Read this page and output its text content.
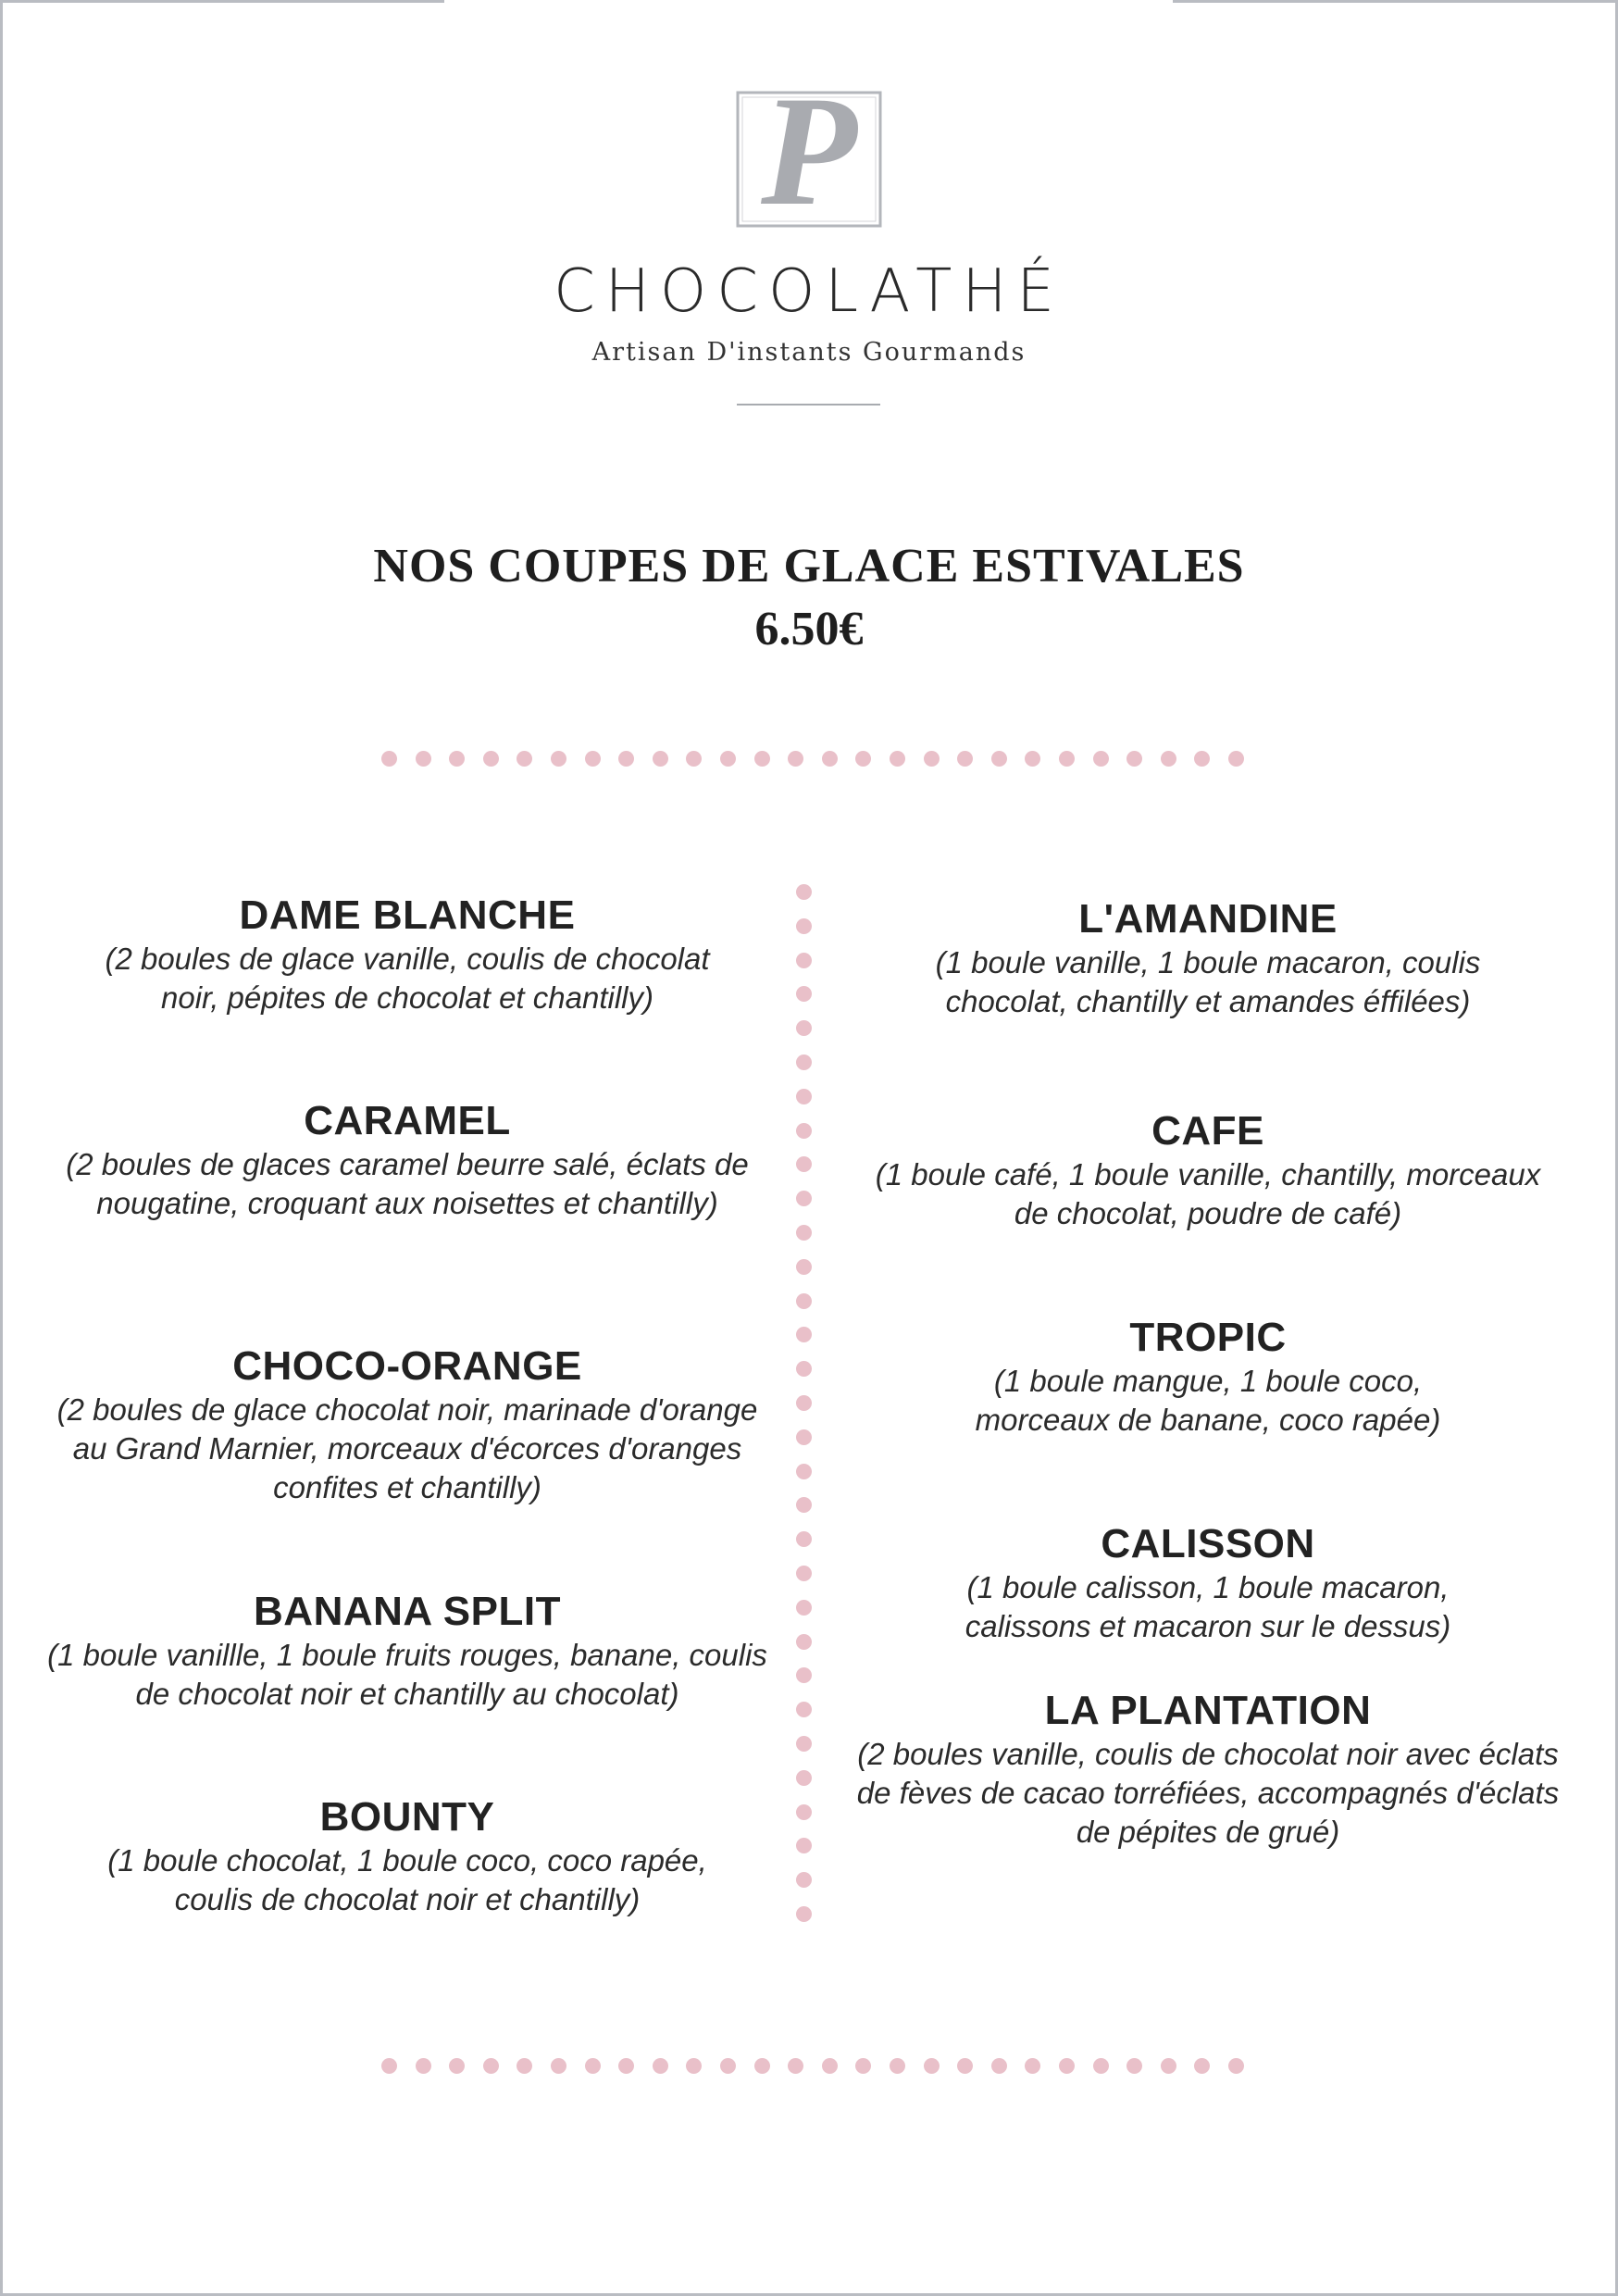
P
CHOCOLATHÉ
Artisan D'instants Gourmands
NOS COUPES DE GLACE ESTIVALES
6.50€
DAME BLANCHE
(2 boules de glace vanille, coulis de chocolat noir, pépites de chocolat et chantilly)
CARAMEL
(2 boules de glaces caramel beurre salé, éclats de nougatine, croquant aux noisettes et chantilly)
CHOCO-ORANGE
(2 boules de glace chocolat noir, marinade d'orange au Grand Marnier, morceaux d'écorces d'oranges confites et chantilly)
BANANA SPLIT
(1 boule vanillle, 1 boule fruits rouges, banane, coulis de chocolat noir et chantilly au chocolat)
BOUNTY
(1 boule chocolat, 1 boule coco, coco rapée, coulis de chocolat noir et chantilly)
L'AMANDINE
(1 boule vanille, 1 boule macaron, coulis chocolat, chantilly et amandes éffilées)
CAFE
(1 boule café, 1 boule vanille, chantilly, morceaux de chocolat, poudre de café)
TROPIC
(1 boule mangue, 1 boule coco, morceaux de banane, coco rapée)
CALISSON
(1 boule calisson, 1 boule macaron, calissons et macaron sur le dessus)
LA PLANTATION
(2 boules vanille, coulis de chocolat noir avec éclats de fèves de cacao torréfiées, accompagnés d'éclats de pépites de grué)
